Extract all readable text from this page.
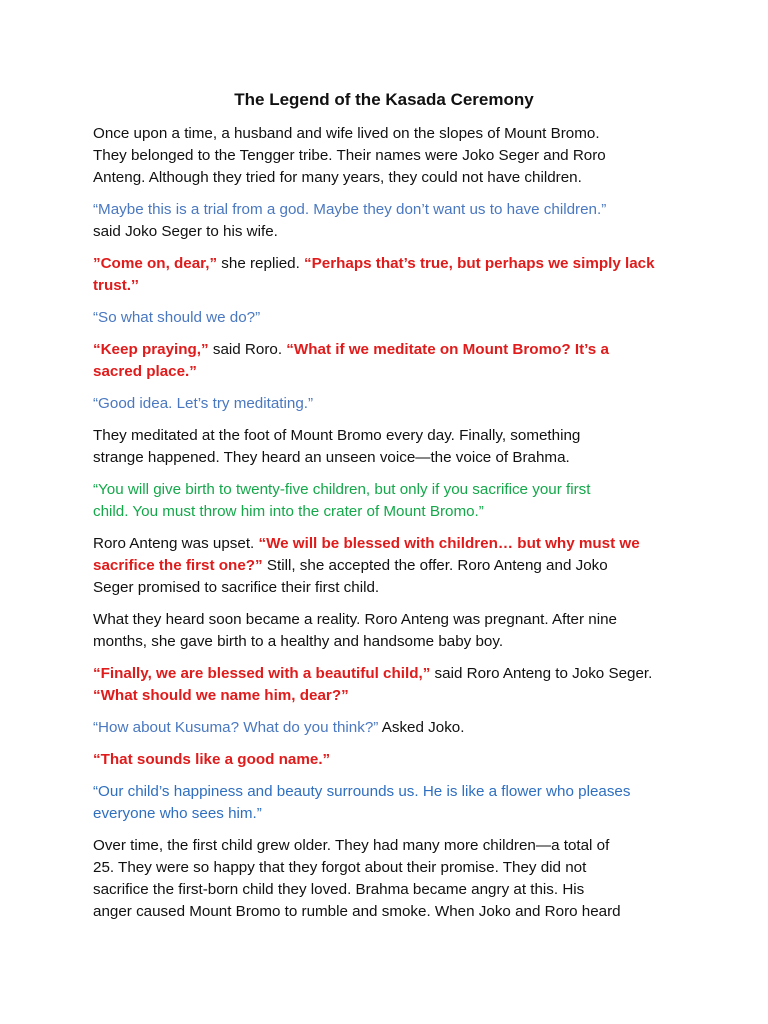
The Legend of the Kasada Ceremony

Once upon a time, a husband and wife lived on the slopes of Mount Bromo.
They belonged to the Tengger tribe. Their names were Joko Seger and Roro
Anteng. Although they tried for many years, they could not have children.

“Maybe this is a trial from a god. Maybe they don’t want us to have children.”
said Joko Seger to his wife.

”Come on, dear,” she replied. “Perhaps that’s true, but perhaps we simply lack
trust.’’

“So what should we do?”

“Keep praying,” said Roro. “What if we meditate on Mount Bromo? It’s a
sacred place.”

“Good idea. Let’s try meditating.”

They meditated at the foot of Mount Bromo every day. Finally, something
strange happened. They heard an unseen voice—the voice of Brahma.

“You will give birth to twenty-five children, but only if you sacrifice your first
child. You must throw him into the crater of Mount Bromo.”

Roro Anteng was upset. “We will be blessed with children… but why must we
sacrifice the first one?” Still, she accepted the offer. Roro Anteng and Joko
Seger promised to sacrifice their first child.

What they heard soon became a reality. Roro Anteng was pregnant. After nine
months, she gave birth to a healthy and handsome baby boy.

“Finally, we are blessed with a beautiful child,” said Roro Anteng to Joko Seger.
“What should we name him, dear?”

“How about Kusuma? What do you think?” Asked Joko.

“That sounds like a good name.”

“Our child’s happiness and beauty surrounds us. He is like a flower who pleases
everyone who sees him.”

Over time, the first child grew older. They had many more children—a total of
25. They were so happy that they forgot about their promise. They did not
sacrifice the first-born child they loved. Brahma became angry at this. His
anger caused Mount Bromo to rumble and smoke. When Joko and Roro heard
